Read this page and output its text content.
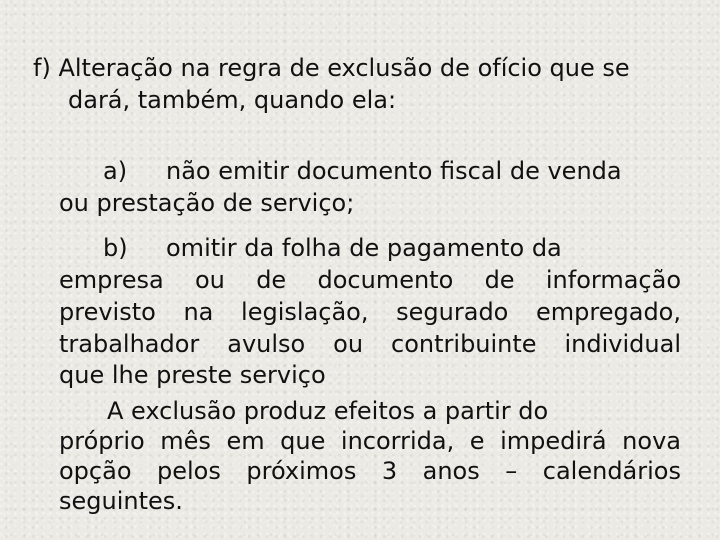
f) Alteração na regra de exclusão de ofício que se
dará, também, quando ela:
a) não emitir documento fiscal de venda
ou prestação de serviço;
b) omitir da folha de pagamento da
empresa ou de documento de informação
previsto na legislação, segurado empregado,
trabalhador avulso ou contribuinte individual
que lhe preste serviço
A exclusão produz efeitos a partir do
próprio mês em que incorrida, e impedirá nova
opção pelos próximos 3 anos – calendários
seguintes.
